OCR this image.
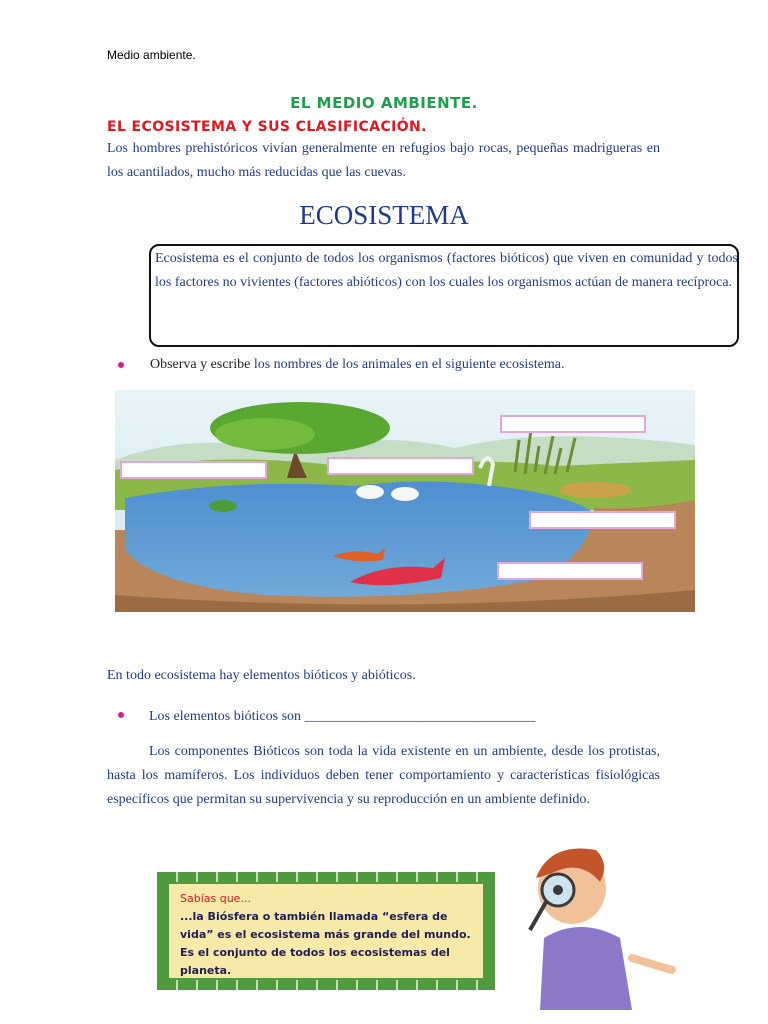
Medio ambiente.
EL MEDIO AMBIENTE.
EL ECOSISTEMA Y SUS CLASIFICACIÓN.
Los hombres prehistóricos vivían generalmente en refugios bajo rocas, pequeñas madrigueras en los acantilados, mucho más reducidas que las cuevas.
ECOSISTEMA
Ecosistema es el conjunto de todos los organismos (factores bióticos) que viven en comunidad y todos los factores no vivientes (factores abióticos) con los cuales los organismos actúan de manera recíproca.
Observa y escribe los nombres de los animales en el siguiente ecosistema.
En todo ecosistema hay elementos bióticos y abióticos.
Los elementos bióticos son _________________________________
Los componentes Bióticos son toda la vida existente en un ambiente, desde los protistas, hasta los mamíferos. Los individuos deben tener comportamiento y características fisiológicas específicos que permitan su supervivencia y su reproducción en un ambiente definido.
Sabías que...
...la Biósfera o también llamada “esfera de vida” es el ecosistema más grande del mundo. Es el conjunto de todos los ecosistemas del planeta.
